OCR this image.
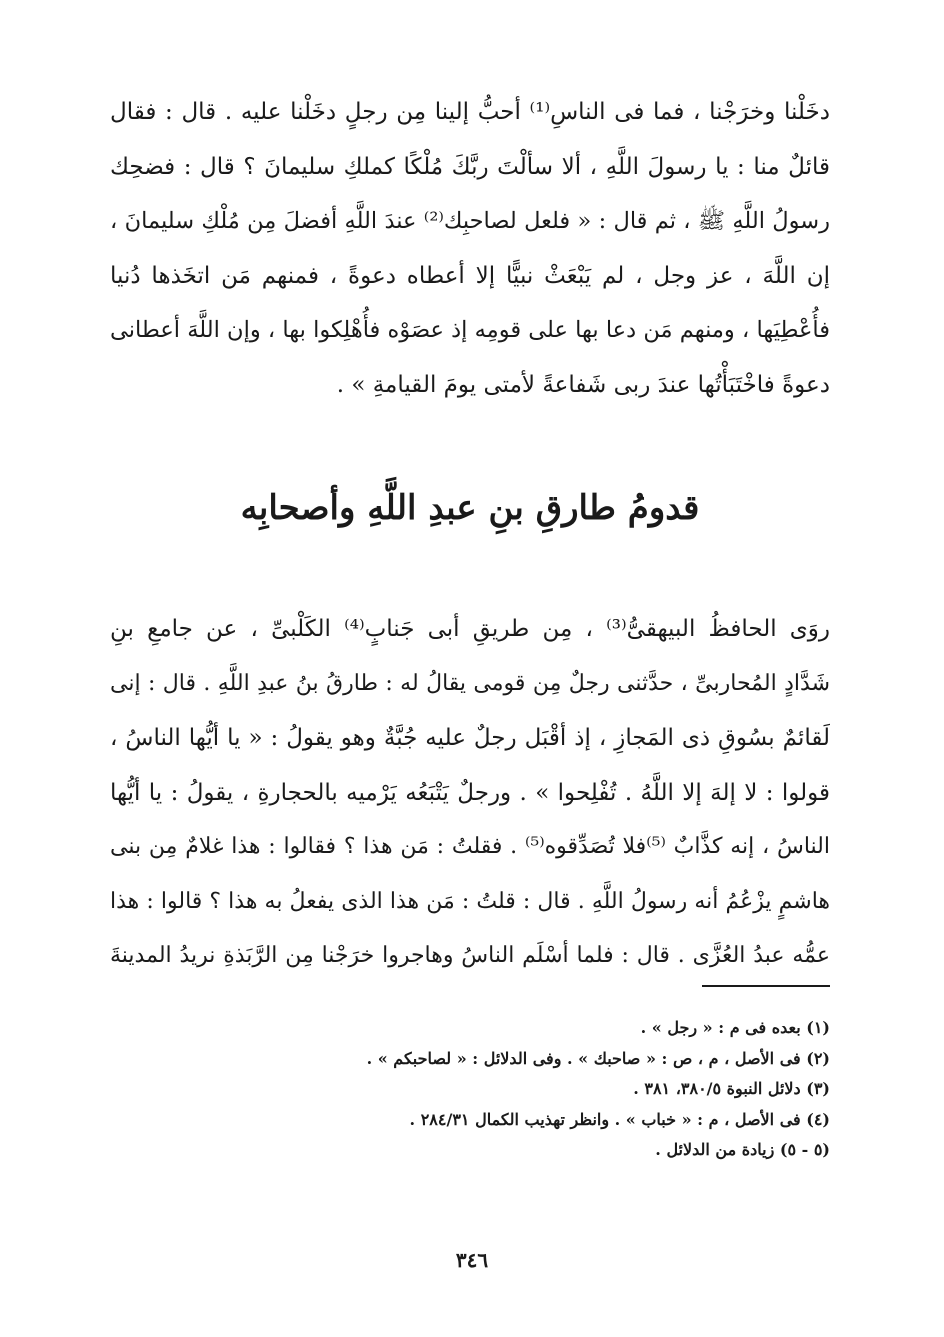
دخَلْنا وخرَجْنا ، فما فى الناسِ⁽¹⁾ أحبُّ إلينا مِن رجلٍ دخَلْنا عليه . قال : فقال
قائلٌ منا : يا رسولَ اللَّهِ ، ألا سألْتَ ربَّكَ مُلْكًا كملكِ سليمانَ ؟ قال : فضحِك
رسولُ اللَّهِ ﷺ ، ثم قال : « فلعل لصاحبِك⁽²⁾ عندَ اللَّهِ أفضلَ مِن مُلْكِ سليمانَ ،
إن اللَّهَ ، عز وجل ، لم يَبْعَثْ نبيًّا إلا أعطاه دعوةً ، فمنهم مَن اتخَذها دُنيا
فأُعْطِيَها ، ومنهم مَن دعا بها على قومِه إذ عصَوْه فأُهْلِكوا بها ، وإن اللَّهَ أعطانى
دعوةً فاخْتَبَأْتُها عندَ ربى شَفاعةً لأمتى يومَ القيامةِ » .
قدومُ طارقِ بنِ عبدِ اللَّهِ وأصحابِه
روَى الحافظُ البيهقىُّ⁽³⁾ ، مِن طريقِ أبى جَنابٍ⁽⁴⁾ الكَلْبىِّ ، عن جامعِ بنِ
شَدَّادٍ المُحاربىِّ ، حدَّثنى رجلٌ مِن قومى يقالُ له : طارقُ بنُ عبدِ اللَّهِ . قال : إنى
لَقائمٌ بسُوقِ ذى المَجازِ ، إذ أقْبَل رجلٌ عليه جُبَّةٌ وهو يقولُ : « يا أيُّها الناسُ ،
قولوا : لا إلهَ إلا اللَّهُ . تُفْلِحوا » . ورجلٌ يَتْبَعُه يَرْميه بالحجارةِ ، يقولُ : يا أيُّها
الناسُ ، إنه كذَّابٌ ⁽⁵⁾فلا تُصَدِّقوه⁽⁵⁾ . فقلتُ : مَن هذا ؟ فقالوا : هذا غلامٌ مِن بنى
هاشمٍ يزْعُمُ أنه رسولُ اللَّهِ . قال : قلتُ : مَن هذا الذى يفعلُ به هذا ؟ قالوا : هذا
عمُّه عبدُ العُزَّى . قال : فلما أسْلَم الناسُ وهاجروا خرَجْنا مِن الرَّبَذةِ نريدُ المدينةَ
(١) بعده فى م : « رجل » .
(٢) فى الأصل ، م ، ص : « صاحبك » . وفى الدلائل : « لصاحبكم » .
(٣) دلائل النبوة ٣٨٠/٥، ٣٨١ .
(٤) فى الأصل ، م : « خباب » . وانظر تهذيب الكمال ٢٨٤/٣١ .
(٥ - ٥) زيادة من الدلائل .
٣٤٦
